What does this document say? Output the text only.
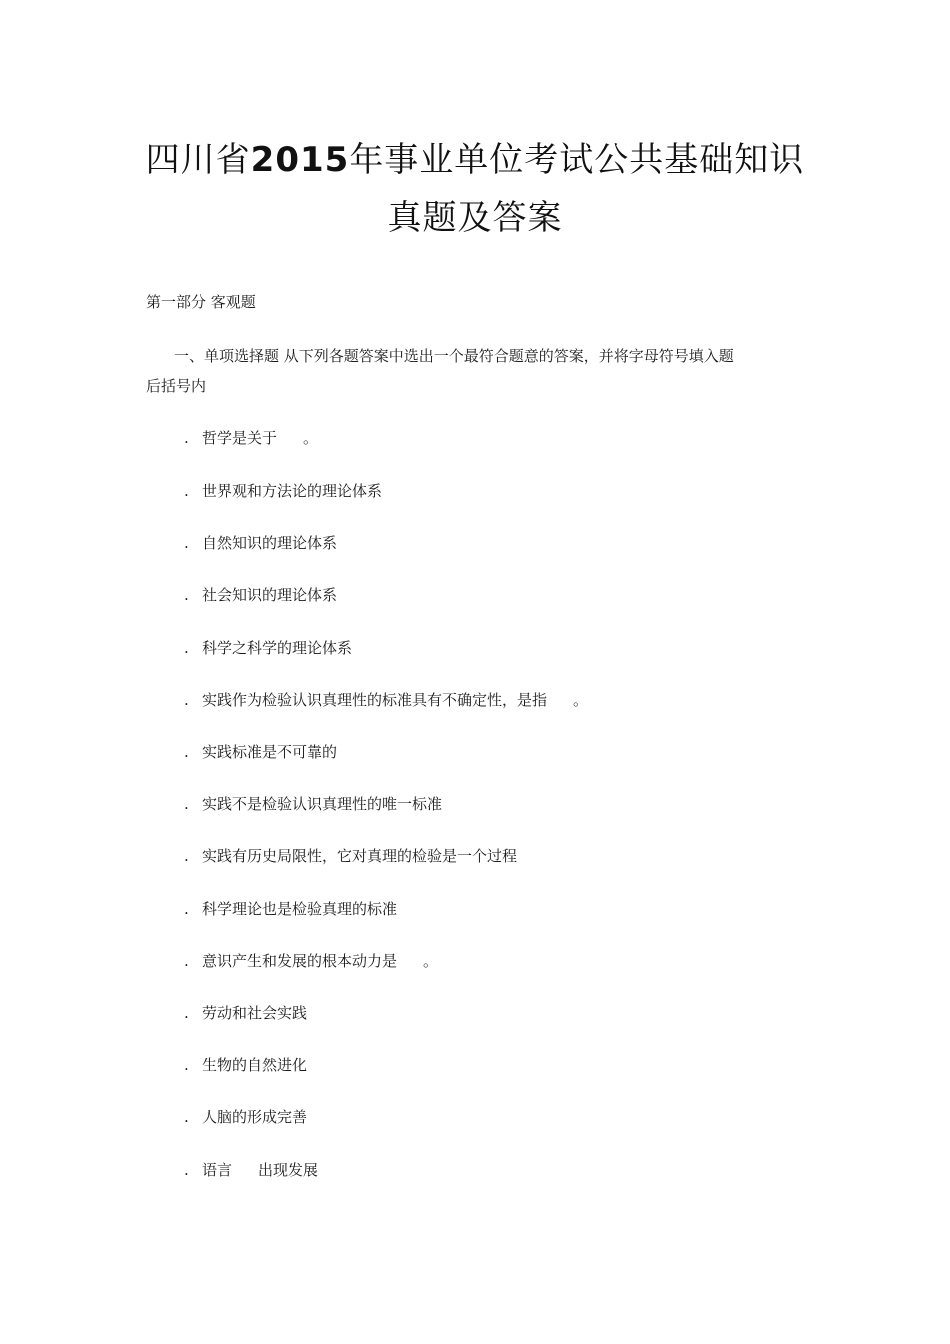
四川省2015年事业单位考试公共基础知识
真题及答案
第一部分 客观题
一、单项选择题 从下列各题答案中选出一个最符合题意的答案，并将字母符号填入题
后括号内
. 哲学是关于 。
. 世界观和方法论的理论体系
. 自然知识的理论体系
. 社会知识的理论体系
. 科学之科学的理论体系
. 实践作为检验认识真理性的标准具有不确定性，是指 。
. 实践标准是不可靠的
. 实践不是检验认识真理性的唯一标准
. 实践有历史局限性，它对真理的检验是一个过程
. 科学理论也是检验真理的标准
. 意识产生和发展的根本动力是 。
. 劳动和社会实践
. 生物的自然进化
. 人脑的形成完善
. 语言 出现发展
